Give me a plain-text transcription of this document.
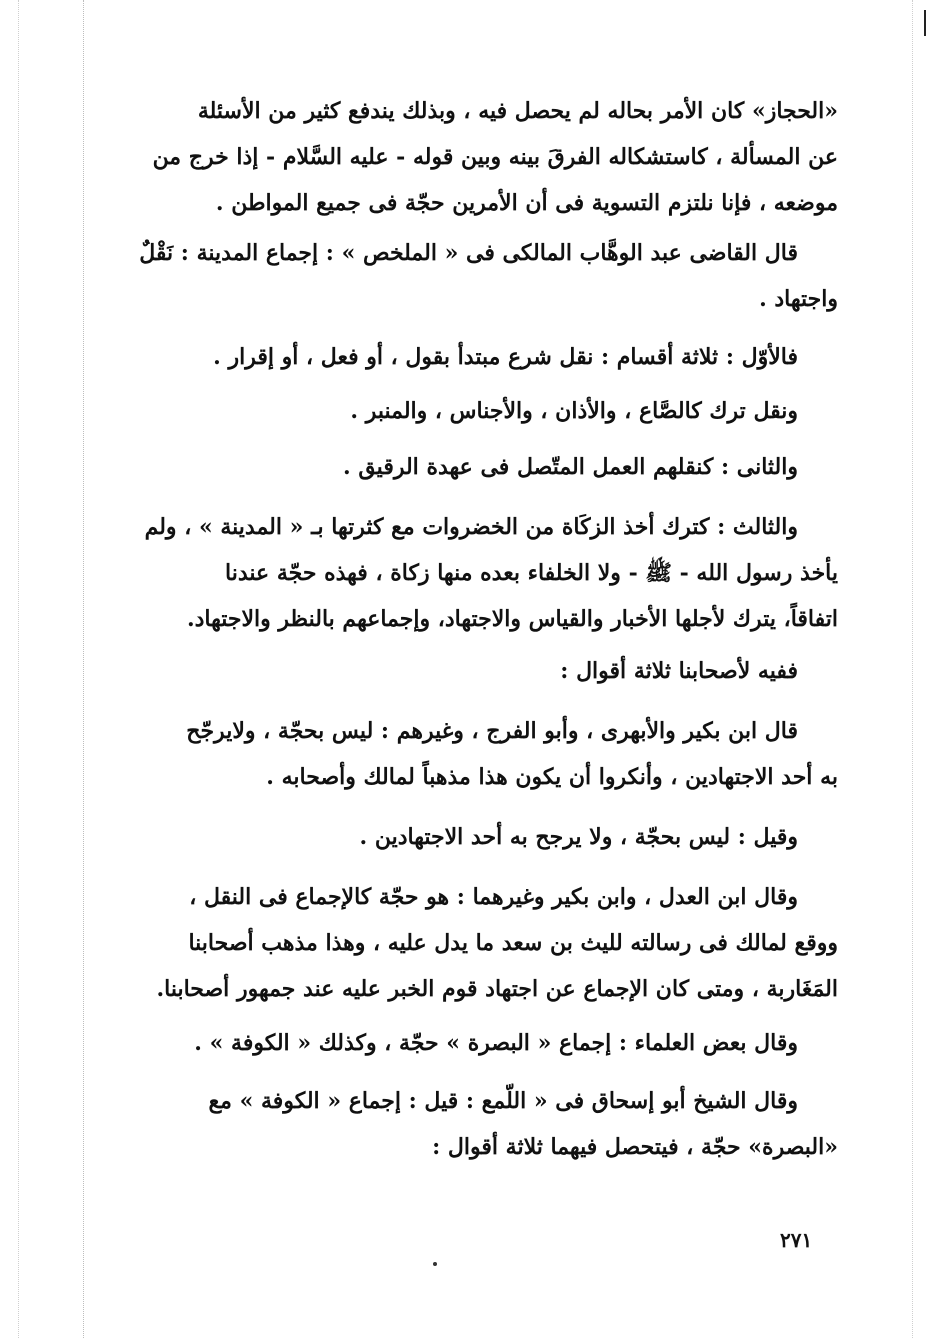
«الحجاز» كان الأمر بحاله لم يحصل فيه ، وبذلك يندفع كثير من الأسئلة
عن المسألة ، كاستشكاله الفرقَ بينه وبين قوله - عليه السَّلام - إذا خرج من
موضعه ، فإنا نلتزم التسوية فى أن الأمرين حجّة فى جميع المواطن .
قال القاضى عبد الوهَّاب المالكى فى « الملخص » : إجماع المدينة : نَقْلٌ
واجتهاد .
فالأوّل : ثلاثة أقسام : نقل شرع مبتدأ بقول ، أو فعل ، أو إقرار .
ونقل ترك كالصَّاع ، والأذان ، والأجناس ، والمنبر .
والثانى : كنقلهم العمل المتّصل فى عهدة الرقيق .
والثالث : كترك أخذ الزكَاة من الخضروات مع كثرتها بـ « المدينة » ، ولم
يأخذ رسول الله - ﷺ - ولا الخلفاء بعده منها زكاة ، فهذه حجّة عندنا
اتفاقاً، يترك لأجلها الأخبار والقياس والاجتهاد، وإجماعهم بالنظر والاجتهاد.
ففيه لأصحابنا ثلاثة أقوال :
قال ابن بكير والأبهرى ، وأبو الفرج ، وغيرهم : ليس بحجّة ، ولايرجّح
به أحد الاجتهادين ، وأنكروا أن يكون هذا مذهباً لمالك وأصحابه .
وقيل : ليس بحجّة ، ولا يرجح به أحد الاجتهادين .
وقال ابن العدل ، وابن بكير وغيرهما : هو حجّة كالإجماع فى النقل ،
ووقع لمالك فى رسالته لليث بن سعد ما يدل عليه ، وهذا مذهب أصحابنا
المَغَاربة ، ومتى كان الإجماع عن اجتهاد قوم الخبر عليه عند جمهور أصحابنا.
وقال بعض العلماء : إجماع « البصرة » حجّة ، وكذلك « الكوفة » .
وقال الشيخ أبو إسحاق فى « اللّمع : قيل : إجماع « الكوفة » مع
«البصرة» حجّة ، فيتحصل فيهما ثلاثة أقوال :
٢٧١
